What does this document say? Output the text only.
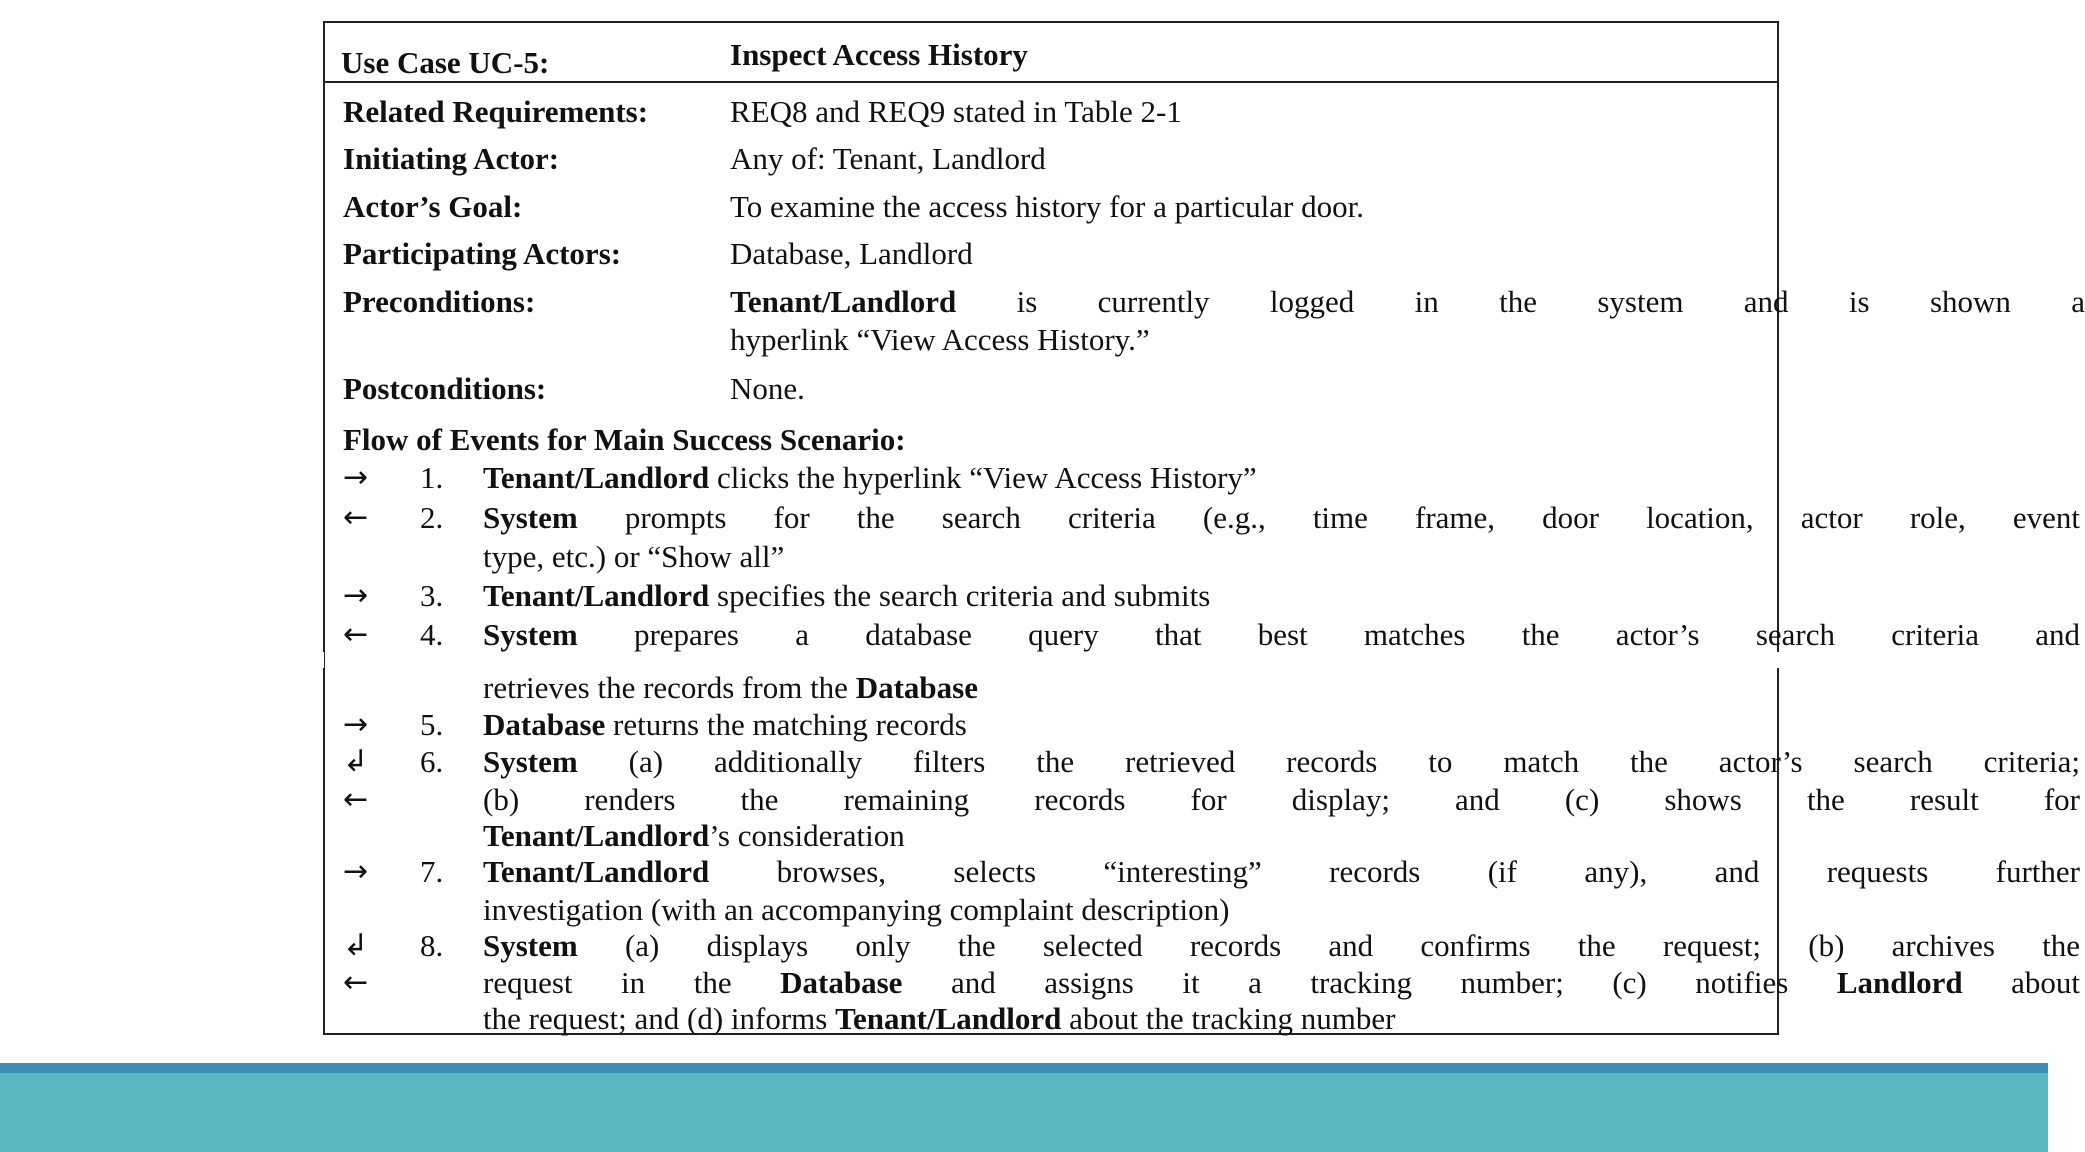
Use Case UC-5:	Inspect Access History
Related Requirements:	REQ8 and REQ9 stated in Table 2-1
Initiating Actor:	Any of: Tenant, Landlord
Actor’s Goal:	To examine the access history for a particular door.
Participating Actors:	Database, Landlord
Preconditions:	Tenant/Landlord is currently logged in the system and is shown a
hyperlink “View Access History.”
Postconditions:	None.
Flow of Events for Main Success Scenario:
→ 1. Tenant/Landlord clicks the hyperlink “View Access History”
← 2. System prompts for the search criteria (e.g., time frame, door location, actor role, event
type, etc.) or “Show all”
→ 3. Tenant/Landlord specifies the search criteria and submits
← 4. System prepares a database query that best matches the actor’s search criteria and
retrieves the records from the Database
→ 5. Database returns the matching records
↲ 6. System (a) additionally filters the retrieved records to match the actor’s search criteria;
←	(b) renders the remaining records for display; and (c) shows the result for
Tenant/Landlord’s consideration
→ 7. Tenant/Landlord browses, selects “interesting” records (if any), and requests further
investigation (with an accompanying complaint description)
↲ 8. System (a) displays only the selected records and confirms the request; (b) archives the
←	request in the Database and assigns it a tracking number; (c) notifies Landlord about
the request; and (d) informs Tenant/Landlord about the tracking number
